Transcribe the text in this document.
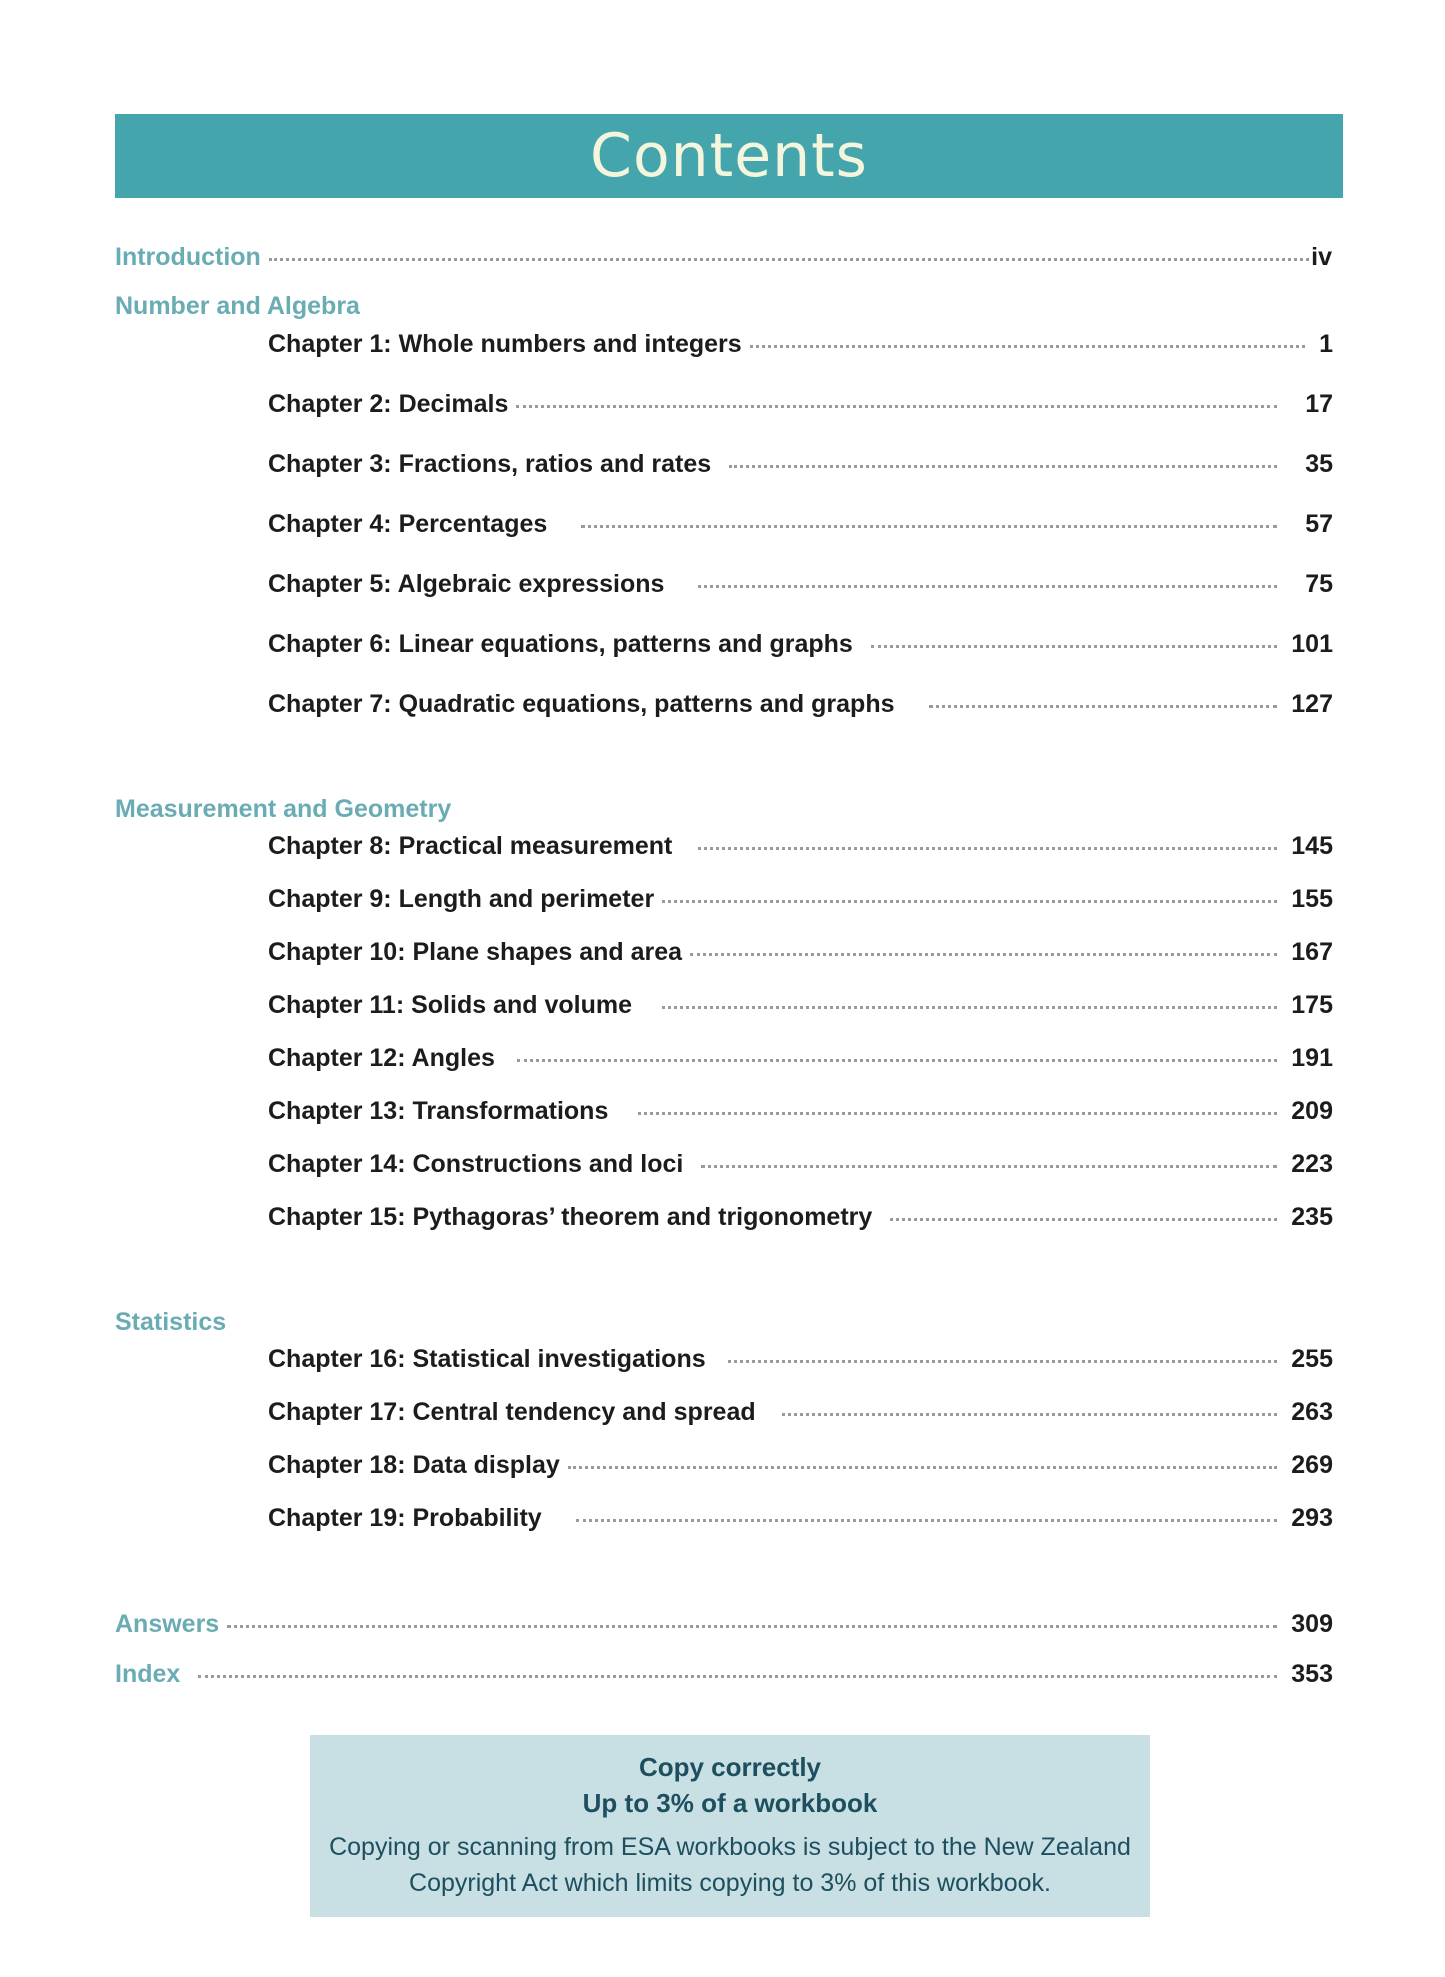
Contents
Introduction	iv
Number and Algebra
Chapter 1: Whole numbers and integers	1
Chapter 2: Decimals	17
Chapter 3: Fractions, ratios and rates	35
Chapter 4: Percentages	57
Chapter 5: Algebraic expressions	75
Chapter 6: Linear equations, patterns and graphs	101
Chapter 7: Quadratic equations, patterns and graphs	127
Measurement and Geometry
Chapter 8: Practical measurement	145
Chapter 9: Length and perimeter	155
Chapter 10: Plane shapes and area	167
Chapter 11: Solids and volume	175
Chapter 12: Angles	191
Chapter 13: Transformations	209
Chapter 14: Constructions and loci	223
Chapter 15: Pythagoras’ theorem and trigonometry	235
Statistics
Chapter 16: Statistical investigations	255
Chapter 17: Central tendency and spread	263
Chapter 18: Data display	269
Chapter 19: Probability	293
Answers	309
Index	353
Copy correctly
Up to 3% of a workbook
Copying or scanning from ESA workbooks is subject to the New Zealand
Copyright Act which limits copying to 3% of this workbook.
